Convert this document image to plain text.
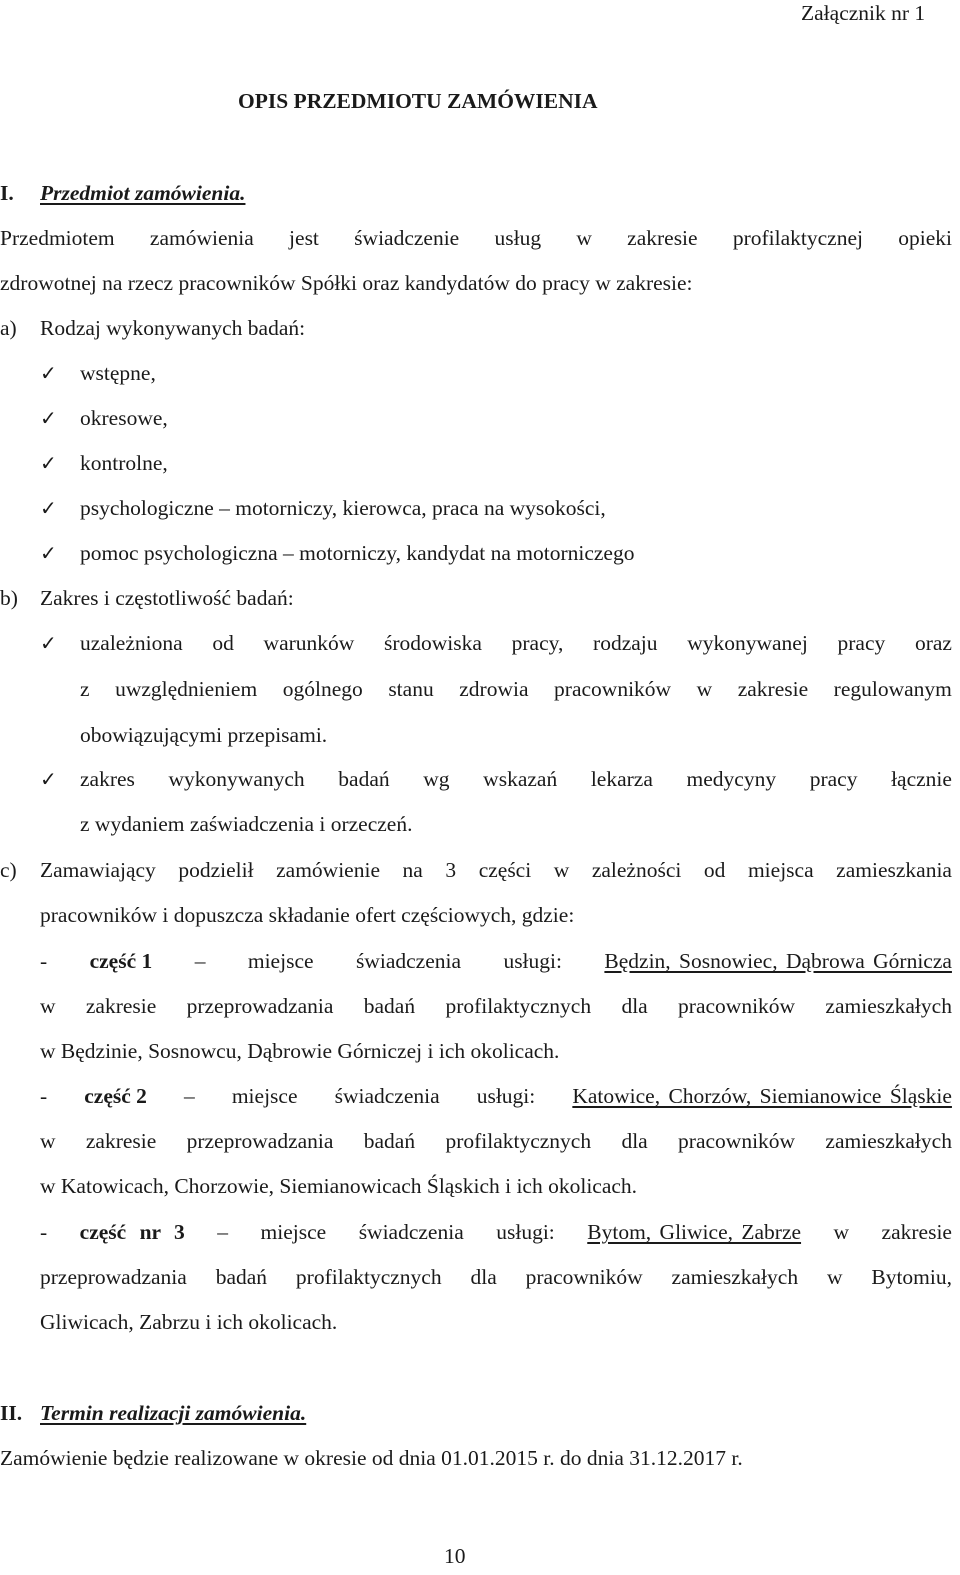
Załącznik nr 1
OPIS PRZEDMIOTU ZAMÓWIENIA
I. Przedmiot zamówienia.
Przedmiotem zamówienia jest świadczenie usług w zakresie profilaktycznej opieki
zdrowotnej na rzecz pracowników Spółki oraz kandydatów do pracy w zakresie:
a) Rodzaj wykonywanych badań:
✓ wstępne,
✓ okresowe,
✓ kontrolne,
✓ psychologiczne – motorniczy, kierowca, praca na wysokości,
✓ pomoc psychologiczna – motorniczy, kandydat na motorniczego
b) Zakres i częstotliwość badań:
✓ uzależniona od warunków środowiska pracy, rodzaju wykonywanej pracy oraz
z uwzględnieniem ogólnego stanu zdrowia pracowników w zakresie regulowanym
obowiązującymi przepisami.
✓ zakres wykonywanych badań wg wskazań lekarza medycyny pracy łącznie
z wydaniem zaświadczenia i orzeczeń.
c) Zamawiający podzielił zamówienie na 3 części w zależności od miejsca zamieszkania
pracowników i dopuszcza składanie ofert częściowych, gdzie:
- część 1 – miejsce świadczenia usługi: Będzin, Sosnowiec, Dąbrowa Górnicza
w zakresie przeprowadzania badań profilaktycznych dla pracowników zamieszkałych
w Będzinie, Sosnowcu, Dąbrowie Górniczej i ich okolicach.
- część 2 – miejsce świadczenia usługi: Katowice, Chorzów, Siemianowice Śląskie
w zakresie przeprowadzania badań profilaktycznych dla pracowników zamieszkałych
w Katowicach, Chorzowie, Siemianowicach Śląskich i ich okolicach.
- część nr 3 – miejsce świadczenia usługi: Bytom, Gliwice, Zabrze w zakresie
przeprowadzania badań profilaktycznych dla pracowników zamieszkałych w Bytomiu,
Gliwicach, Zabrzu i ich okolicach.
II. Termin realizacji zamówienia.
Zamówienie będzie realizowane w okresie od dnia 01.01.2015 r. do dnia 31.12.2017 r.
10
